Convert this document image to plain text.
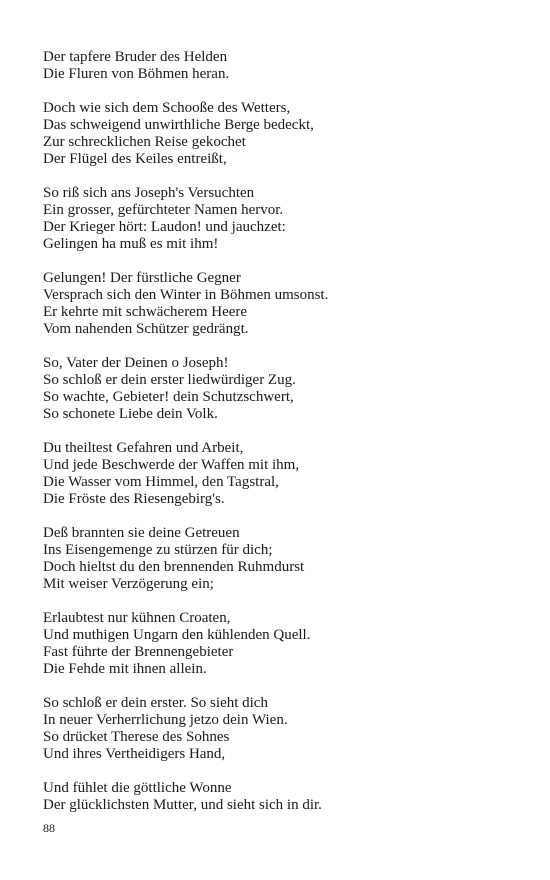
Der tapfere Bruder des Helden
Die Fluren von Böhmen heran.
Doch wie sich dem Schooße des Wetters,
Das schweigend unwirthliche Berge bedeckt,
Zur schrecklichen Reise gekochet
Der Flügel des Keiles entreißt,
So riß sich ans Joseph's Versuchten
Ein grosser, gefürchteter Namen hervor.
Der Krieger hört: Laudon! und jauchzet:
Gelingen ha muß es mit ihm!
Gelungen! Der fürstliche Gegner
Versprach sich den Winter in Böhmen umsonst.
Er kehrte mit schwächerem Heere
Vom nahenden Schützer gedrängt.
So, Vater der Deinen o Joseph!
So schloß er dein erster liedwürdiger Zug.
So wachte, Gebieter! dein Schutzschwert,
So schonete Liebe dein Volk.
Du theiltest Gefahren und Arbeit,
Und jede Beschwerde der Waffen mit ihm,
Die Wasser vom Himmel, den Tagstral,
Die Fröste des Riesengebirg's.
Deß brannten sie deine Getreuen
Ins Eisengemenge zu stürzen für dich;
Doch hieltst du den brennenden Ruhmdurst
Mit weiser Verzögerung ein;
Erlaubtest nur kühnen Croaten,
Und muthigen Ungarn den kühlenden Quell.
Fast führte der Brennengebieter
Die Fehde mit ihnen allein.
So schloß er dein erster. So sieht dich
In neuer Verherrlichung jetzo dein Wien.
So drücket Therese des Sohnes
Und ihres Vertheidigers Hand,
Und fühlet die göttliche Wonne
Der glücklichsten Mutter, und sieht sich in dir.
88
